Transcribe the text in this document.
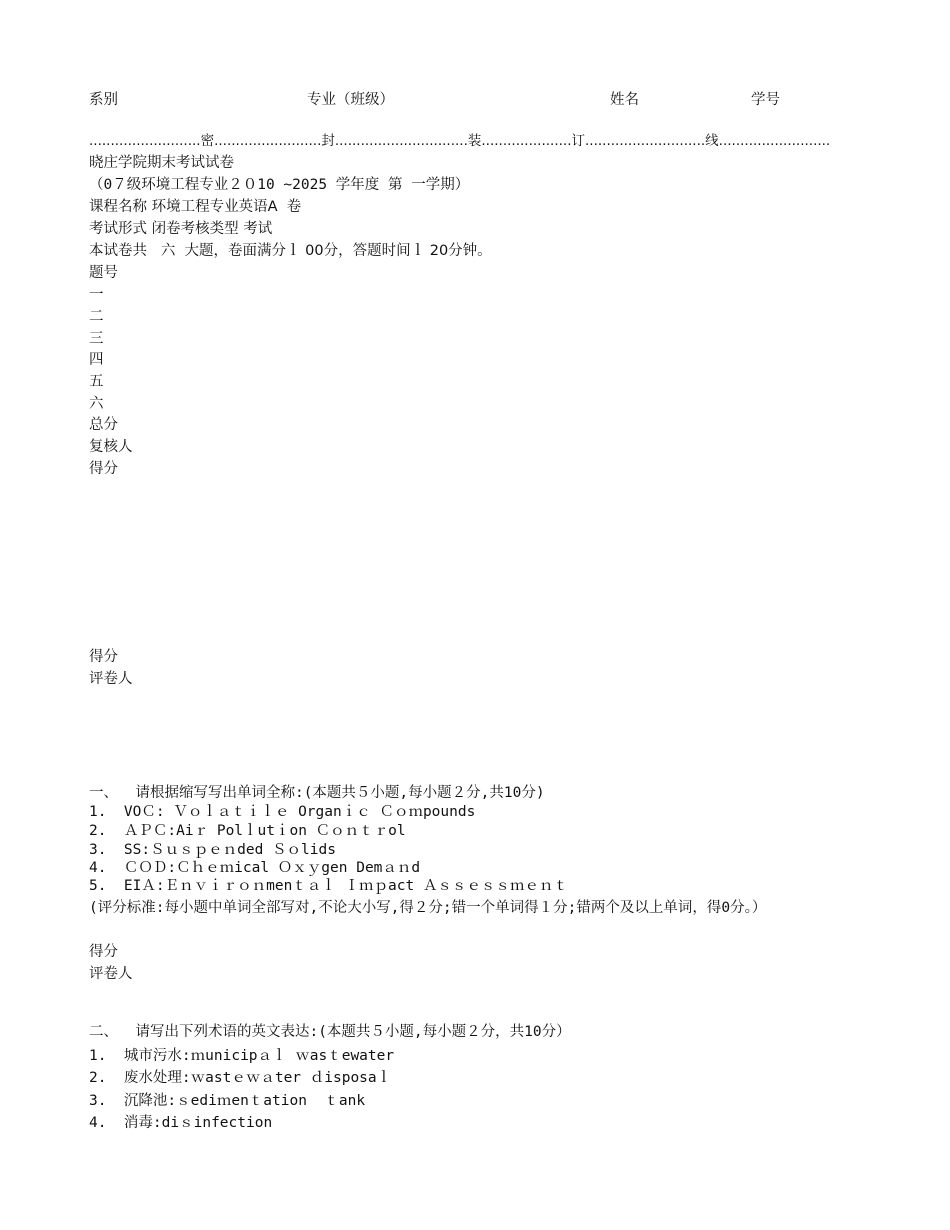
系别	专业（班级）	姓名	学号
..........................密.........................封...............................装.....................订............................线..........................
晓庄学院期末考试试卷
（0７级环境工程专业２０10 ~2025 学年度 第 一学期）
课程名称 环境工程专业英语A  卷
考试形式 闭卷考核类型 考试
本试卷共   六  大题，卷面满分ｌ 00分，答题时间ｌ 20分钟。
题号
一
二
三
四
五
六
总分
复核人
得分
得分
评卷人
一、  请根据缩写写出单词全称:(本题共５小题,每小题２分,共10分)
1.  VOＣ: Ｖｏｌａｔｉｌｅ Organｉｃ Ｃｏｍpounds
2.  ＡＰＣ:Aiｒ Polｌutｉon Ｃｏｎｔｒol
3.  SS:Ｓｕｓｐｅｎded Ｓｏlids
4.  ＣＯＤ:Ｃｈｅｍical Ｏｘｙgen Demａｎd
5.  EIＡ:Ｅｎｖｉｒｏｎmenｔａｌ Ｉｍｐact Ａｓｓｅｓｓｍｅｎｔ
(评分标准:每小题中单词全部写对,不论大小写,得２分;错一个单词得１分;错两个及以上单词，得0分。）
得分
评卷人
二、  请写出下列术语的英文表达:(本题共５小题,每小题２分，共10分）
1.  城市污水:ｍunicipａｌ ｗasｔewater
2.  废水处理:ｗastｅｗａter ｄisposaｌ
3.  沉降池:ｓediｍenｔation  ｔank
4.  消毒:diｓinfection
